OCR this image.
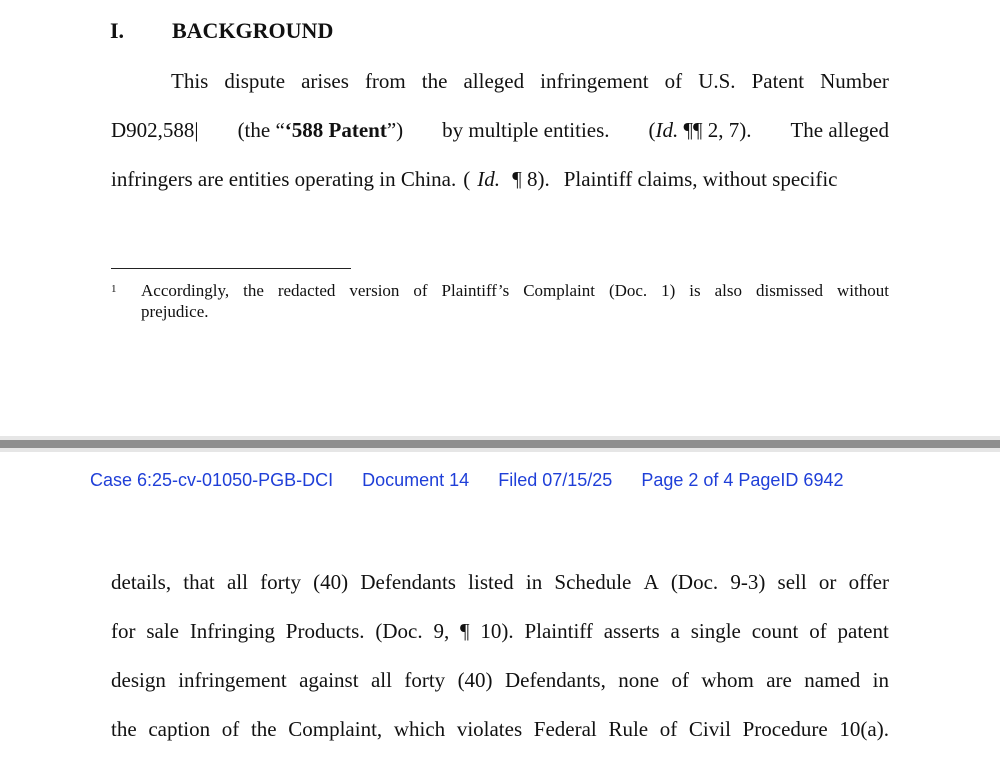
I. BACKGROUND
This dispute arises from the alleged infringement of U.S. Patent Number
D902,588| (the “‘588 Patent”) by multiple entities. (Id. ¶¶ 2, 7). The alleged
infringers are entities operating in China. ( Id. ¶ 8). Plaintiff claims, without specific
1 Accordingly, the redacted version of Plaintiff’s Complaint (Doc. 1) is also dismissed without
prejudice.
Case 6:25-cv-01050-PGB-DCI Document 14 Filed 07/15/25 Page 2 of 4 PageID 6942
details, that all forty (40) Defendants listed in Schedule A (Doc. 9-3) sell or offer
for sale Infringing Products. (Doc. 9, ¶ 10). Plaintiff asserts a single count of patent
design infringement against all forty (40) Defendants, none of whom are named in
the caption of the Complaint, which violates Federal Rule of Civil Procedure 10(a).
